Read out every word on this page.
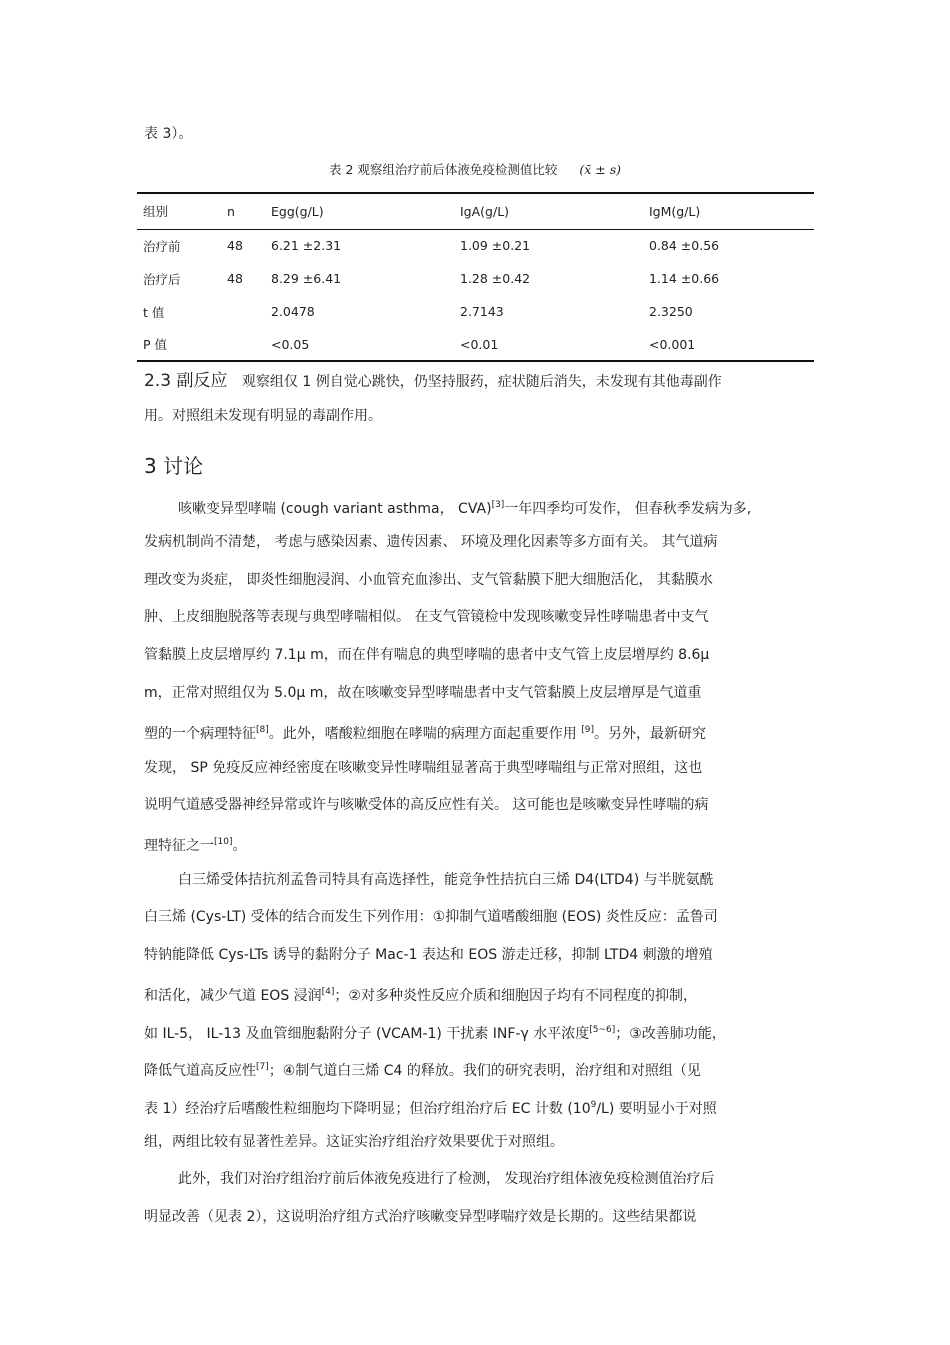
表 3）。
表 2 观察组治疗前后体液免疫检测值比较 (x̄ ± s)
组别	n	Egg(g/L)	IgA(g/L)	IgM(g/L)
治疗前	48	6.21 ±2.31	1.09 ±0.21	0.84 ±0.56
治疗后	48	8.29 ±6.41	1.28 ±0.42	1.14 ±0.66
t 值		2.0478	2.7143	2.3250
P 值		<0.05	<0.01	<0.001
2.3 副反应 观察组仅 1 例自觉心跳快，仍坚持服药，症状随后消失，未发现有其他毒副作
用。对照组未发现有明显的毒副作用。
3 讨论
咳嗽变异型哮喘 (cough variant asthma， CVA)[3]一年四季均可发作， 但春秋季发病为多,
发病机制尚不清楚， 考虑与感染因素、遗传因素、 环境及理化因素等多方面有关。 其气道病
理改变为炎症， 即炎性细胞浸润、小血管充血渗出、支气管黏膜下肥大细胞活化， 其黏膜水
肿、上皮细胞脱落等表现与典型哮喘相似。 在支气管镜检中发现咳嗽变异性哮喘患者中支气
管黏膜上皮层增厚约 7.1μ m，而在伴有喘息的典型哮喘的患者中支气管上皮层增厚约 8.6μ
m，正常对照组仅为 5.0μ m，故在咳嗽变异型哮喘患者中支气管黏膜上皮层增厚是气道重
塑的一个病理特征[8]。此外，嗜酸粒细胞在哮喘的病理方面起重要作用 [9]。另外，最新研究
发现， SP 免疫反应神经密度在咳嗽变异性哮喘组显著高于典型哮喘组与正常对照组，这也
说明气道感受器神经异常或许与咳嗽受体的高反应性有关。 这可能也是咳嗽变异性哮喘的病
理特征之一[10]。
白三烯受体拮抗剂孟鲁司特具有高选择性，能竞争性拮抗白三烯 D4(LTD4) 与半胱氨酰
白三烯 (Cys-LT) 受体的结合而发生下列作用：①抑制气道嗜酸细胞 (EOS) 炎性反应：孟鲁司
特钠能降低 Cys-LTs 诱导的黏附分子 Mac-1 表达和 EOS 游走迁移，抑制 LTD4 刺激的增殖
和活化，减少气道 EOS 浸润[4]；②对多种炎性反应介质和细胞因子均有不同程度的抑制，
如 IL-5， IL-13 及血管细胞黏附分子 (VCAM-1) 干扰素 INF-γ 水平浓度[5~6]；③改善肺功能，
降低气道高反应性[7]；④制气道白三烯 C4 的释放。我们的研究表明，治疗组和对照组（见
表 1）经治疗后嗜酸性粒细胞均下降明显；但治疗组治疗后 EC 计数 $(10^9/L)$ 要明显小于对照
组，两组比较有显著性差异。这证实治疗组治疗效果要优于对照组。
此外，我们对治疗组治疗前后体液免疫进行了检测， 发现治疗组体液免疫检测值治疗后
明显改善（见表 2），这说明治疗组方式治疗咳嗽变异型哮喘疗效是长期的。这些结果都说
